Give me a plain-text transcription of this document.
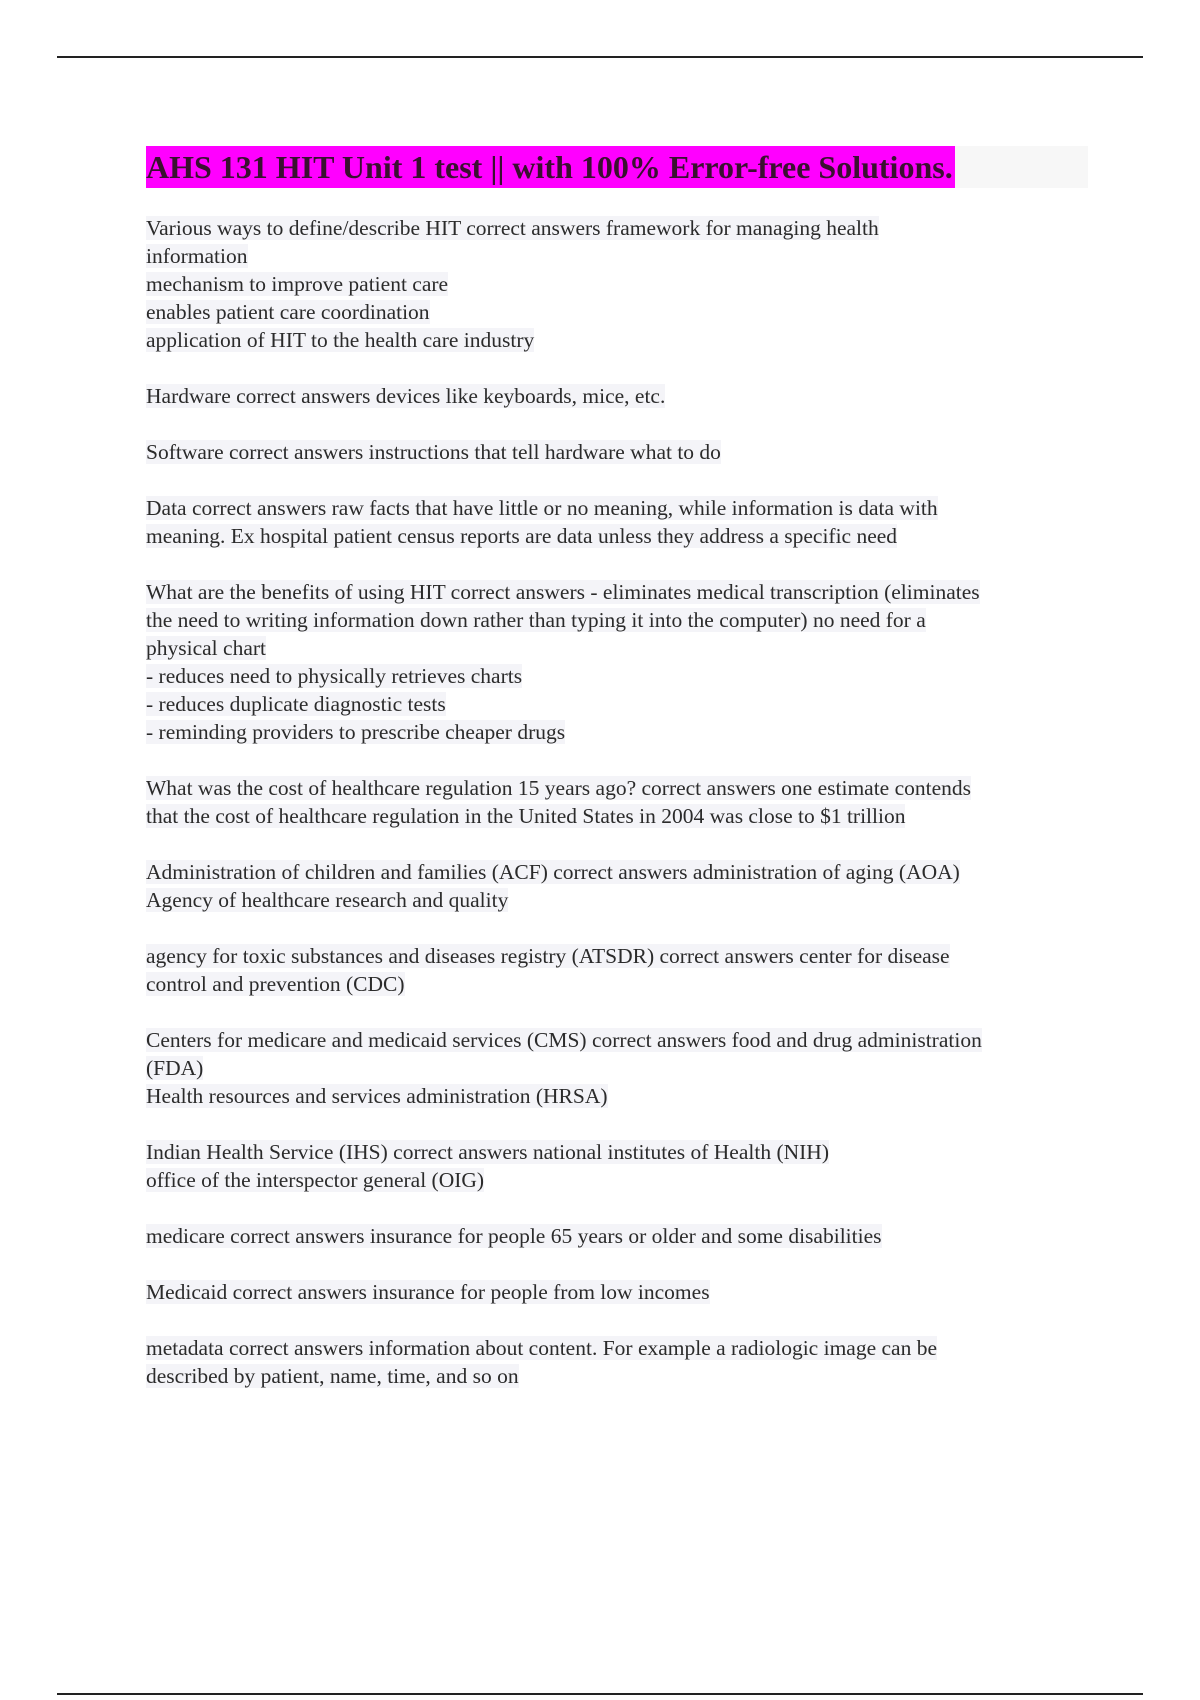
AHS 131 HIT Unit 1 test || with 100% Error-free Solutions.
Various ways to define/describe HIT correct answers framework for managing health
information
mechanism to improve patient care
enables patient care coordination
application of HIT to the health care industry
Hardware correct answers devices like keyboards, mice, etc.
Software correct answers instructions that tell hardware what to do
Data correct answers raw facts that have little or no meaning, while information is data with
meaning. Ex hospital patient census reports are data unless they address a specific need
What are the benefits of using HIT correct answers - eliminates medical transcription (eliminates
the need to writing information down rather than typing it into the computer) no need for a
physical chart
- reduces need to physically retrieves charts
- reduces duplicate diagnostic tests
- reminding providers to prescribe cheaper drugs
What was the cost of healthcare regulation 15 years ago? correct answers one estimate contends
that the cost of healthcare regulation in the United States in 2004 was close to $1 trillion
Administration of children and families (ACF) correct answers administration of aging (AOA)
Agency of healthcare research and quality
agency for toxic substances and diseases registry (ATSDR) correct answers center for disease
control and prevention (CDC)
Centers for medicare and medicaid services (CMS) correct answers food and drug administration
(FDA)
Health resources and services administration (HRSA)
Indian Health Service (IHS) correct answers national institutes of Health (NIH)
office of the interspector general (OIG)
medicare correct answers insurance for people 65 years or older and some disabilities
Medicaid correct answers insurance for people from low incomes
metadata correct answers information about content. For example a radiologic image can be
described by patient, name, time, and so on
